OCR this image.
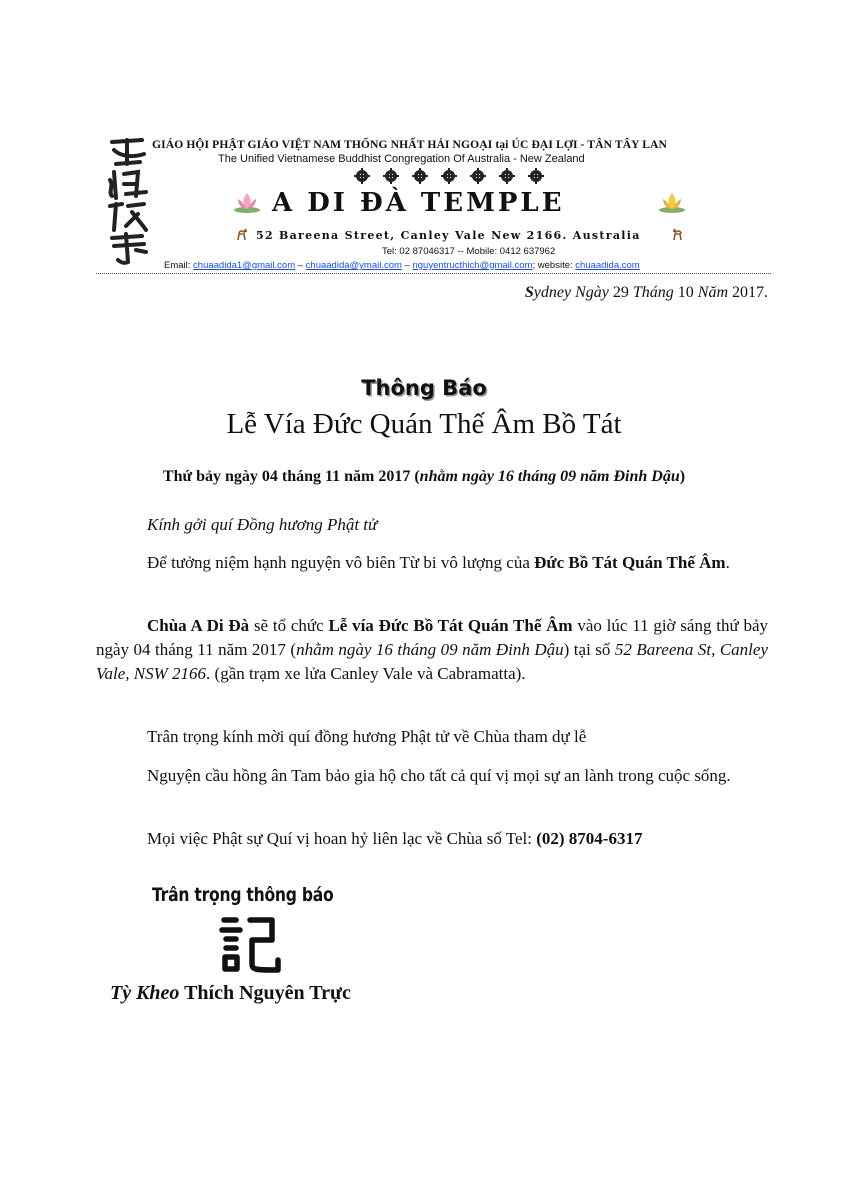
GIÁO HỘI PHẬT GIÁO VIỆT NAM THỐNG NHẤT HẢI NGOẠI tại ÚC ĐẠI LỢI - TÂN TÂY LAN
The Unified Vietnamese Buddhist Congregation Of Australia - New Zealand
A DI ĐÀ TEMPLE
52 Bareena Street, Canley Vale New 2166. Australia
Tel: 02 87046317 -- Mobile: 0412 637962
Email: chuaadida1@gmail.com – chuaadida@ymail.com – nguyentructhich@gmail.com; website: chuaadida.com
Sydney Ngày 29 Tháng 10 Năm 2017.
Thông Báo
Lễ Vía Đức Quán Thế Âm Bồ Tát
Thứ bảy ngày 04 tháng 11 năm 2017 (nhằm ngày 16 tháng 09 năm Đinh Dậu)

Kính gởi quí Đồng hương Phật tử

Để tưởng niệm hạnh nguyện vô biên Từ bi vô lượng của Đức Bồ Tát Quán Thế Âm.

Chùa A Di Đà sẽ tổ chức Lễ vía Đức Bồ Tát Quán Thế Âm vào lúc 11 giờ sáng thứ bảy ngày 04 tháng 11 năm 2017 (nhằm ngày 16 tháng 09 năm Đinh Dậu) tại số 52 Bareena St, Canley Vale, NSW 2166. (gần trạm xe lửa Canley Vale và Cabramatta).

Trân trọng kính mời quí đồng hương Phật tử về Chùa tham dự lễ

Nguyện cầu hồng ân Tam bảo gia hộ cho tất cả quí vị mọi sự an lành trong cuộc sống.

Mọi việc Phật sự Quí vị hoan hỷ liên lạc về Chùa số Tel: (02) 8704-6317

Trân trọng thông báo
Tỳ Kheo Thích Nguyên Trực
